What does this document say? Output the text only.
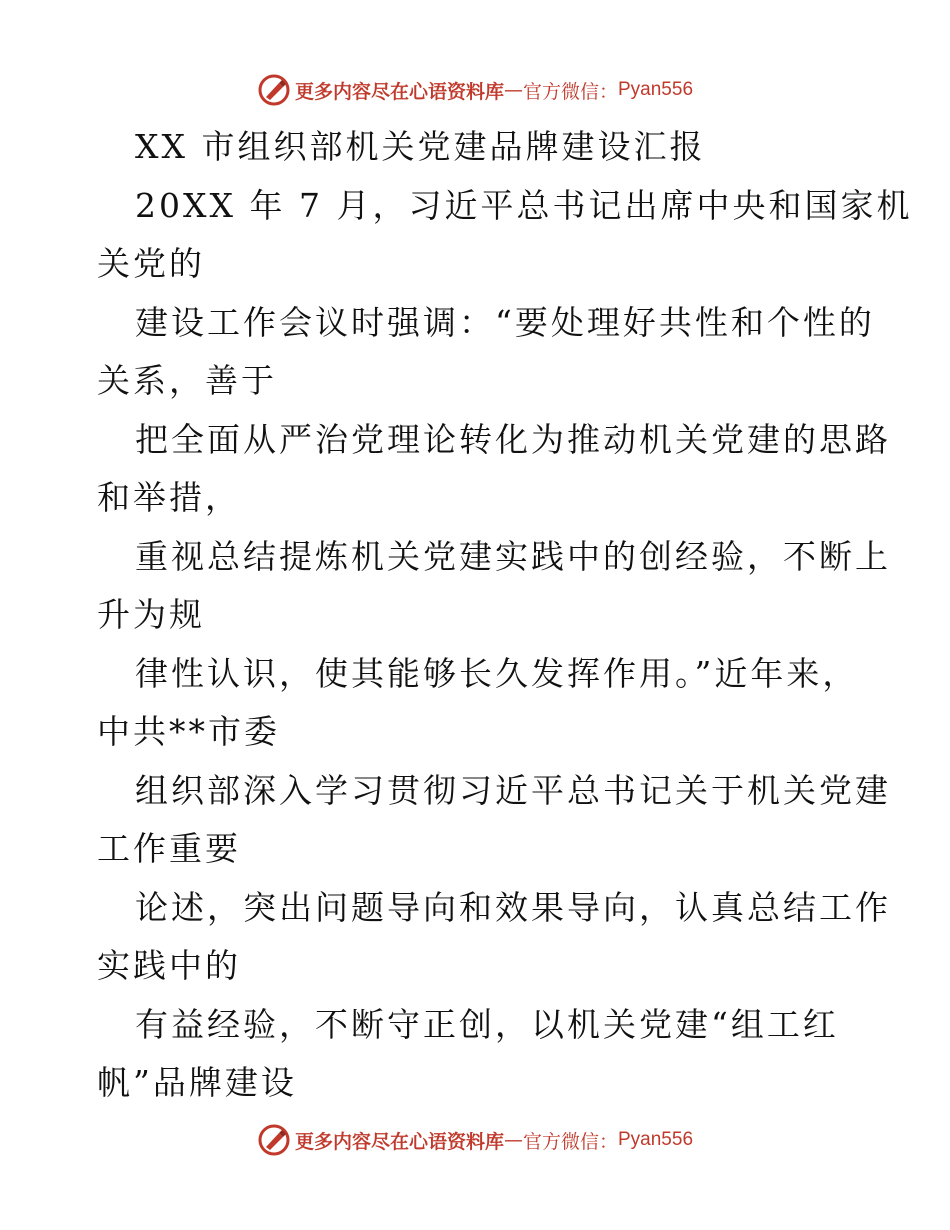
更多内容尽在心语资料库 — 官方微信： Pyan556

XX 市组织部机关党建品牌建设汇报

20XX 年 7 月，习近平总书记出席中央和国家机

关党的

建设工作会议时强调：“要处理好共性和个性的

关系，善于

把全面从严治党理论转化为推动机关党建的思路

和举措，

重视总结提炼机关党建实践中的创经验，不断上

升为规

律性认识，使其能够长久发挥作用。”近年来，

中共**市委

组织部深入学习贯彻习近平总书记关于机关党建

工作重要

论述，突出问题导向和效果导向，认真总结工作

实践中的

有益经验，不断守正创，以机关党建“组工红

帆”品牌建设

更多内容尽在心语资料库 — 官方微信： Pyan556
